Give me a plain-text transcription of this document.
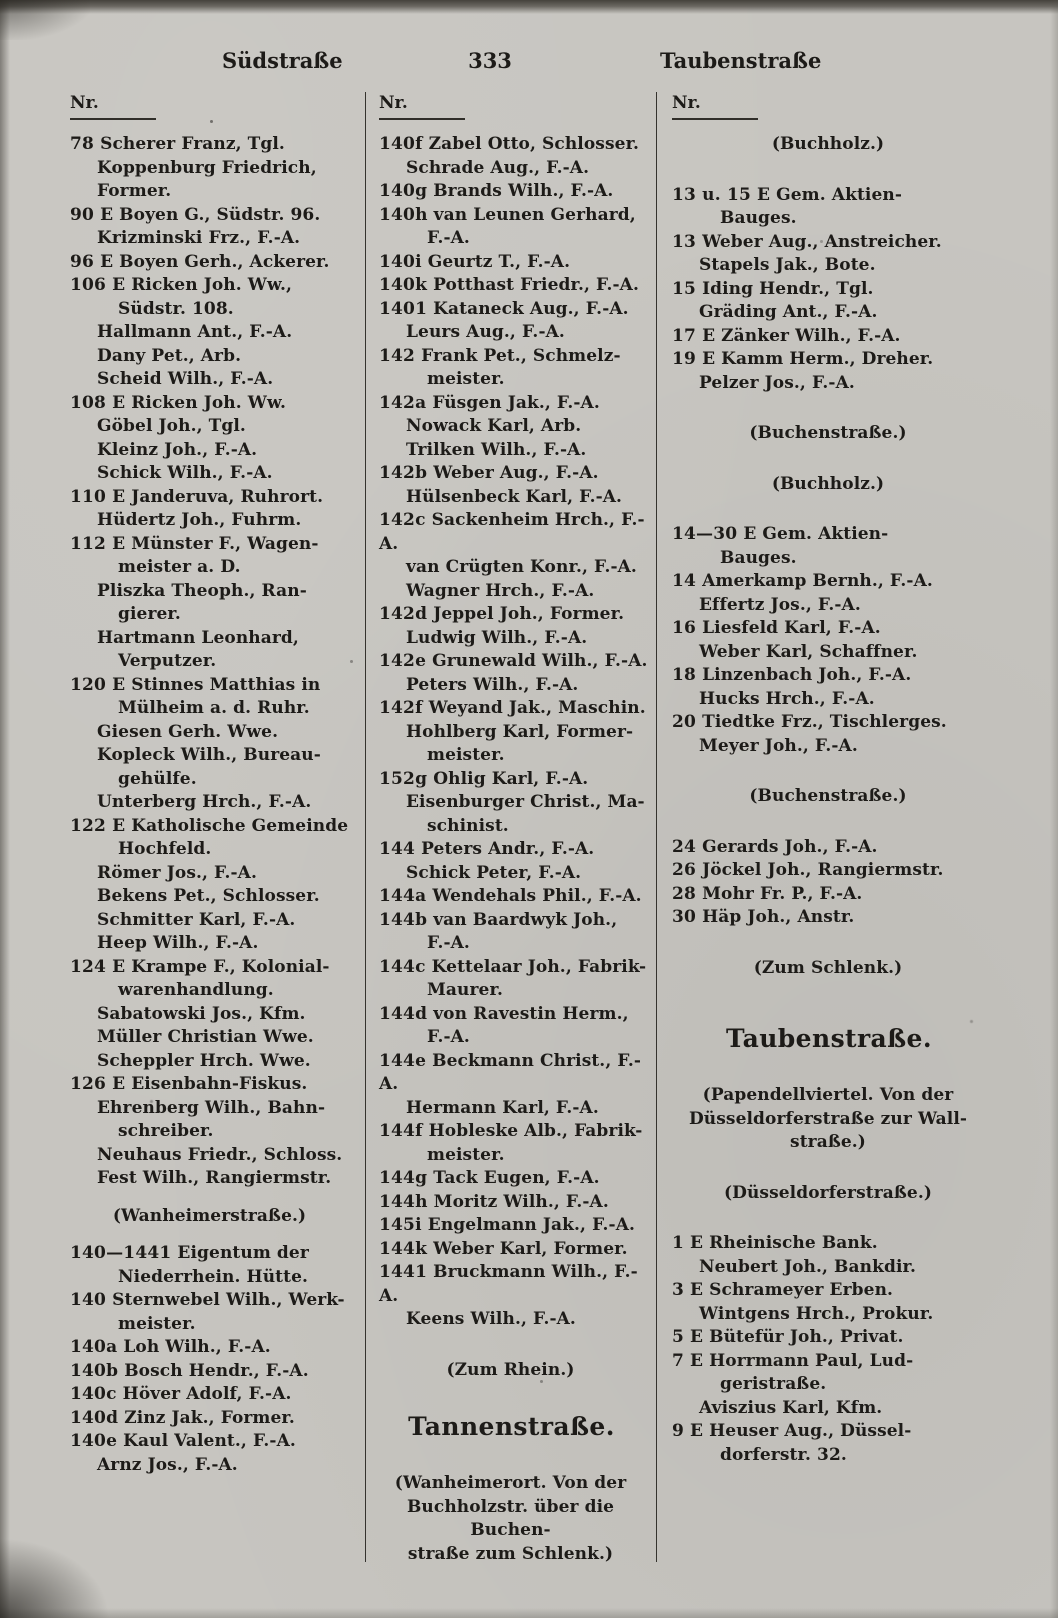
Südstraße	333	Taubenstraße
Nr.
78 Scherer Franz, Tgl.
Koppenburg Friedrich,
Former.
90 E Boyen G., Südstr. 96.
Krizminski Frz., F.-A.
96 E Boyen Gerh., Ackerer.
106 E Ricken Joh. Ww.,
Südstr. 108.
Hallmann Ant., F.-A.
Dany Pet., Arb.
Scheid Wilh., F.-A.
108 E Ricken Joh. Ww.
Göbel Joh., Tgl.
Kleinz Joh., F.-A.
Schick Wilh., F.-A.
110 E Janderuva, Ruhrort.
Hüdertz Joh., Fuhrm.
112 E Münster F., Wagen-
meister a. D.
Pliszka Theoph., Ran-
gierer.
Hartmann Leonhard,
Verputzer.
120 E Stinnes Matthias in
Mülheim a. d. Ruhr.
Giesen Gerh. Wwe.
Kopleck Wilh., Bureau-
gehülfe.
Unterberg Hrch., F.-A.
122 E Katholische Gemeinde
Hochfeld.
Römer Jos., F.-A.
Bekens Pet., Schlosser.
Schmitter Karl, F.-A.
Heep Wilh., F.-A.
124 E Krampe F., Kolonial-
warenhandlung.
Sabatowski Jos., Kfm.
Müller Christian Wwe.
Scheppler Hrch. Wwe.
126 E Eisenbahn-Fiskus.
Ehrenberg Wilh., Bahn-
schreiber.
Neuhaus Friedr., Schloss.
Fest Wilh., Rangiermstr.
(Wanheimerstraße.)
140—1441 Eigentum der
Niederrhein. Hütte.
140 Sternwebel Wilh., Werk-
meister.
140a Loh Wilh., F.-A.
140b Bosch Hendr., F.-A.
140c Höver Adolf, F.-A.
140d Zinz Jak., Former.
140e Kaul Valent., F.-A.
Arnz Jos., F.-A.
Nr.
140f Zabel Otto, Schlosser.
Schrade Aug., F.-A.
140g Brands Wilh., F.-A.
140h van Leunen Gerhard,
F.-A.
140i Geurtz T., F.-A.
140k Potthast Friedr., F.-A.
1401 Kataneck Aug., F.-A.
Leurs Aug., F.-A.
142 Frank Pet., Schmelz-
meister.
142a Füsgen Jak., F.-A.
Nowack Karl, Arb.
Trilken Wilh., F.-A.
142b Weber Aug., F.-A.
Hülsenbeck Karl, F.-A.
142c Sackenheim Hrch., F.-A.
van Crügten Konr., F.-A.
Wagner Hrch., F.-A.
142d Jeppel Joh., Former.
Ludwig Wilh., F.-A.
142e Grunewald Wilh., F.-A.
Peters Wilh., F.-A.
142f Weyand Jak., Maschin.
Hohlberg Karl, Former-
meister.
152g Ohlig Karl, F.-A.
Eisenburger Christ., Ma-
schinist.
144 Peters Andr., F.-A.
Schick Peter, F.-A.
144a Wendehals Phil., F.-A.
144b van Baardwyk Joh.,
F.-A.
144c Kettelaar Joh., Fabrik-
Maurer.
144d von Ravestin Herm.,
F.-A.
144e Beckmann Christ., F.-A.
Hermann Karl, F.-A.
144f Hobleske Alb., Fabrik-
meister.
144g Tack Eugen, F.-A.
144h Moritz Wilh., F.-A.
145i Engelmann Jak., F.-A.
144k Weber Karl, Former.
1441 Bruckmann Wilh., F.-A.
Keens Wilh., F.-A.
(Zum Rhein.)
Tannenstraße.
(Wanheimerort. Von der
Buchholzstr. über die Buchen-
straße zum Schlenk.)
Nr.
(Buchholz.)
13 u. 15 E Gem. Aktien-
Bauges.
13 Weber Aug., Anstreicher.
Stapels Jak., Bote.
15 Iding Hendr., Tgl.
Gräding Ant., F.-A.
17 E Zänker Wilh., F.-A.
19 E Kamm Herm., Dreher.
Pelzer Jos., F.-A.
(Buchenstraße.)
(Buchholz.)
14—30 E Gem. Aktien-
Bauges.
14 Amerkamp Bernh., F.-A.
Effertz Jos., F.-A.
16 Liesfeld Karl, F.-A.
Weber Karl, Schaffner.
18 Linzenbach Joh., F.-A.
Hucks Hrch., F.-A.
20 Tiedtke Frz., Tischlerges.
Meyer Joh., F.-A.
(Buchenstraße.)
24 Gerards Joh., F.-A.
26 Jöckel Joh., Rangiermstr.
28 Mohr Fr. P., F.-A.
30 Häp Joh., Anstr.
(Zum Schlenk.)
Taubenstraße.
(Papendellviertel. Von der
Düsseldorferstraße zur Wall-
straße.)
(Düsseldorferstraße.)
1 E Rheinische Bank.
Neubert Joh., Bankdir.
3 E Schrameyer Erben.
Wintgens Hrch., Prokur.
5 E Bütefür Joh., Privat.
7 E Horrmann Paul, Lud-
geristraße.
Aviszius Karl, Kfm.
9 E Heuser Aug., Düssel-
dorferstr. 32.
